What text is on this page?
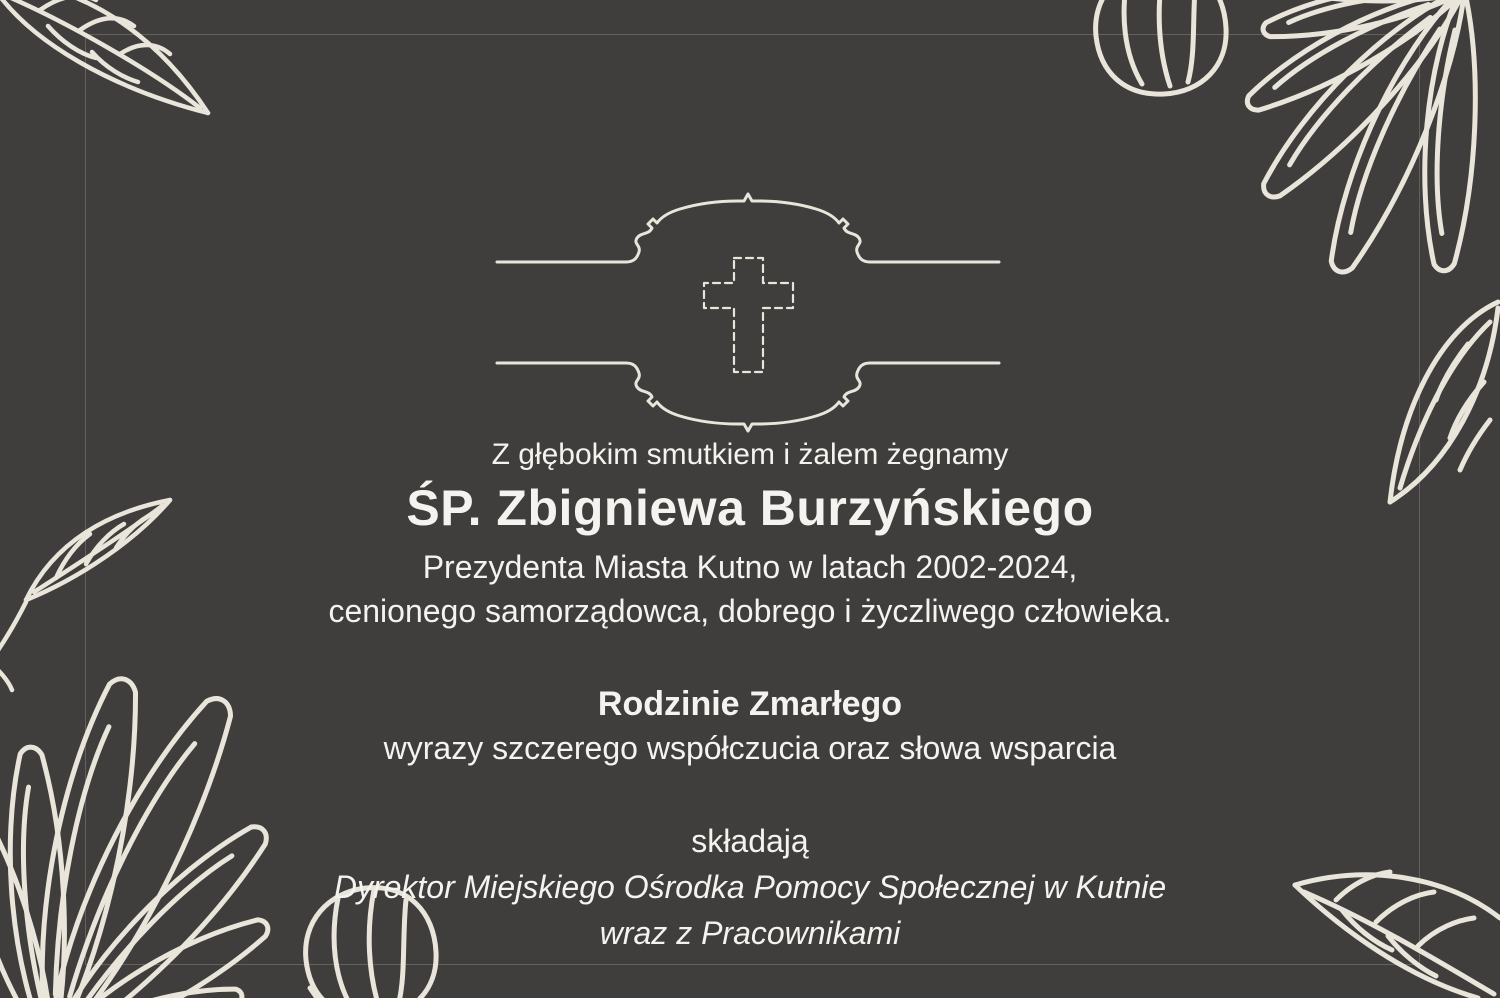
Z głębokim smutkiem i żalem żegnamy
ŚP. Zbigniewa Burzyńskiego
Prezydenta Miasta Kutno w latach 2002-2024,
cenionego samorządowca, dobrego i życzliwego człowieka.
Rodzinie Zmarłego
wyrazy szczerego współczucia oraz słowa wsparcia
składają
Dyrektor Miejskiego Ośrodka Pomocy Społecznej w Kutnie
wraz z Pracownikami
